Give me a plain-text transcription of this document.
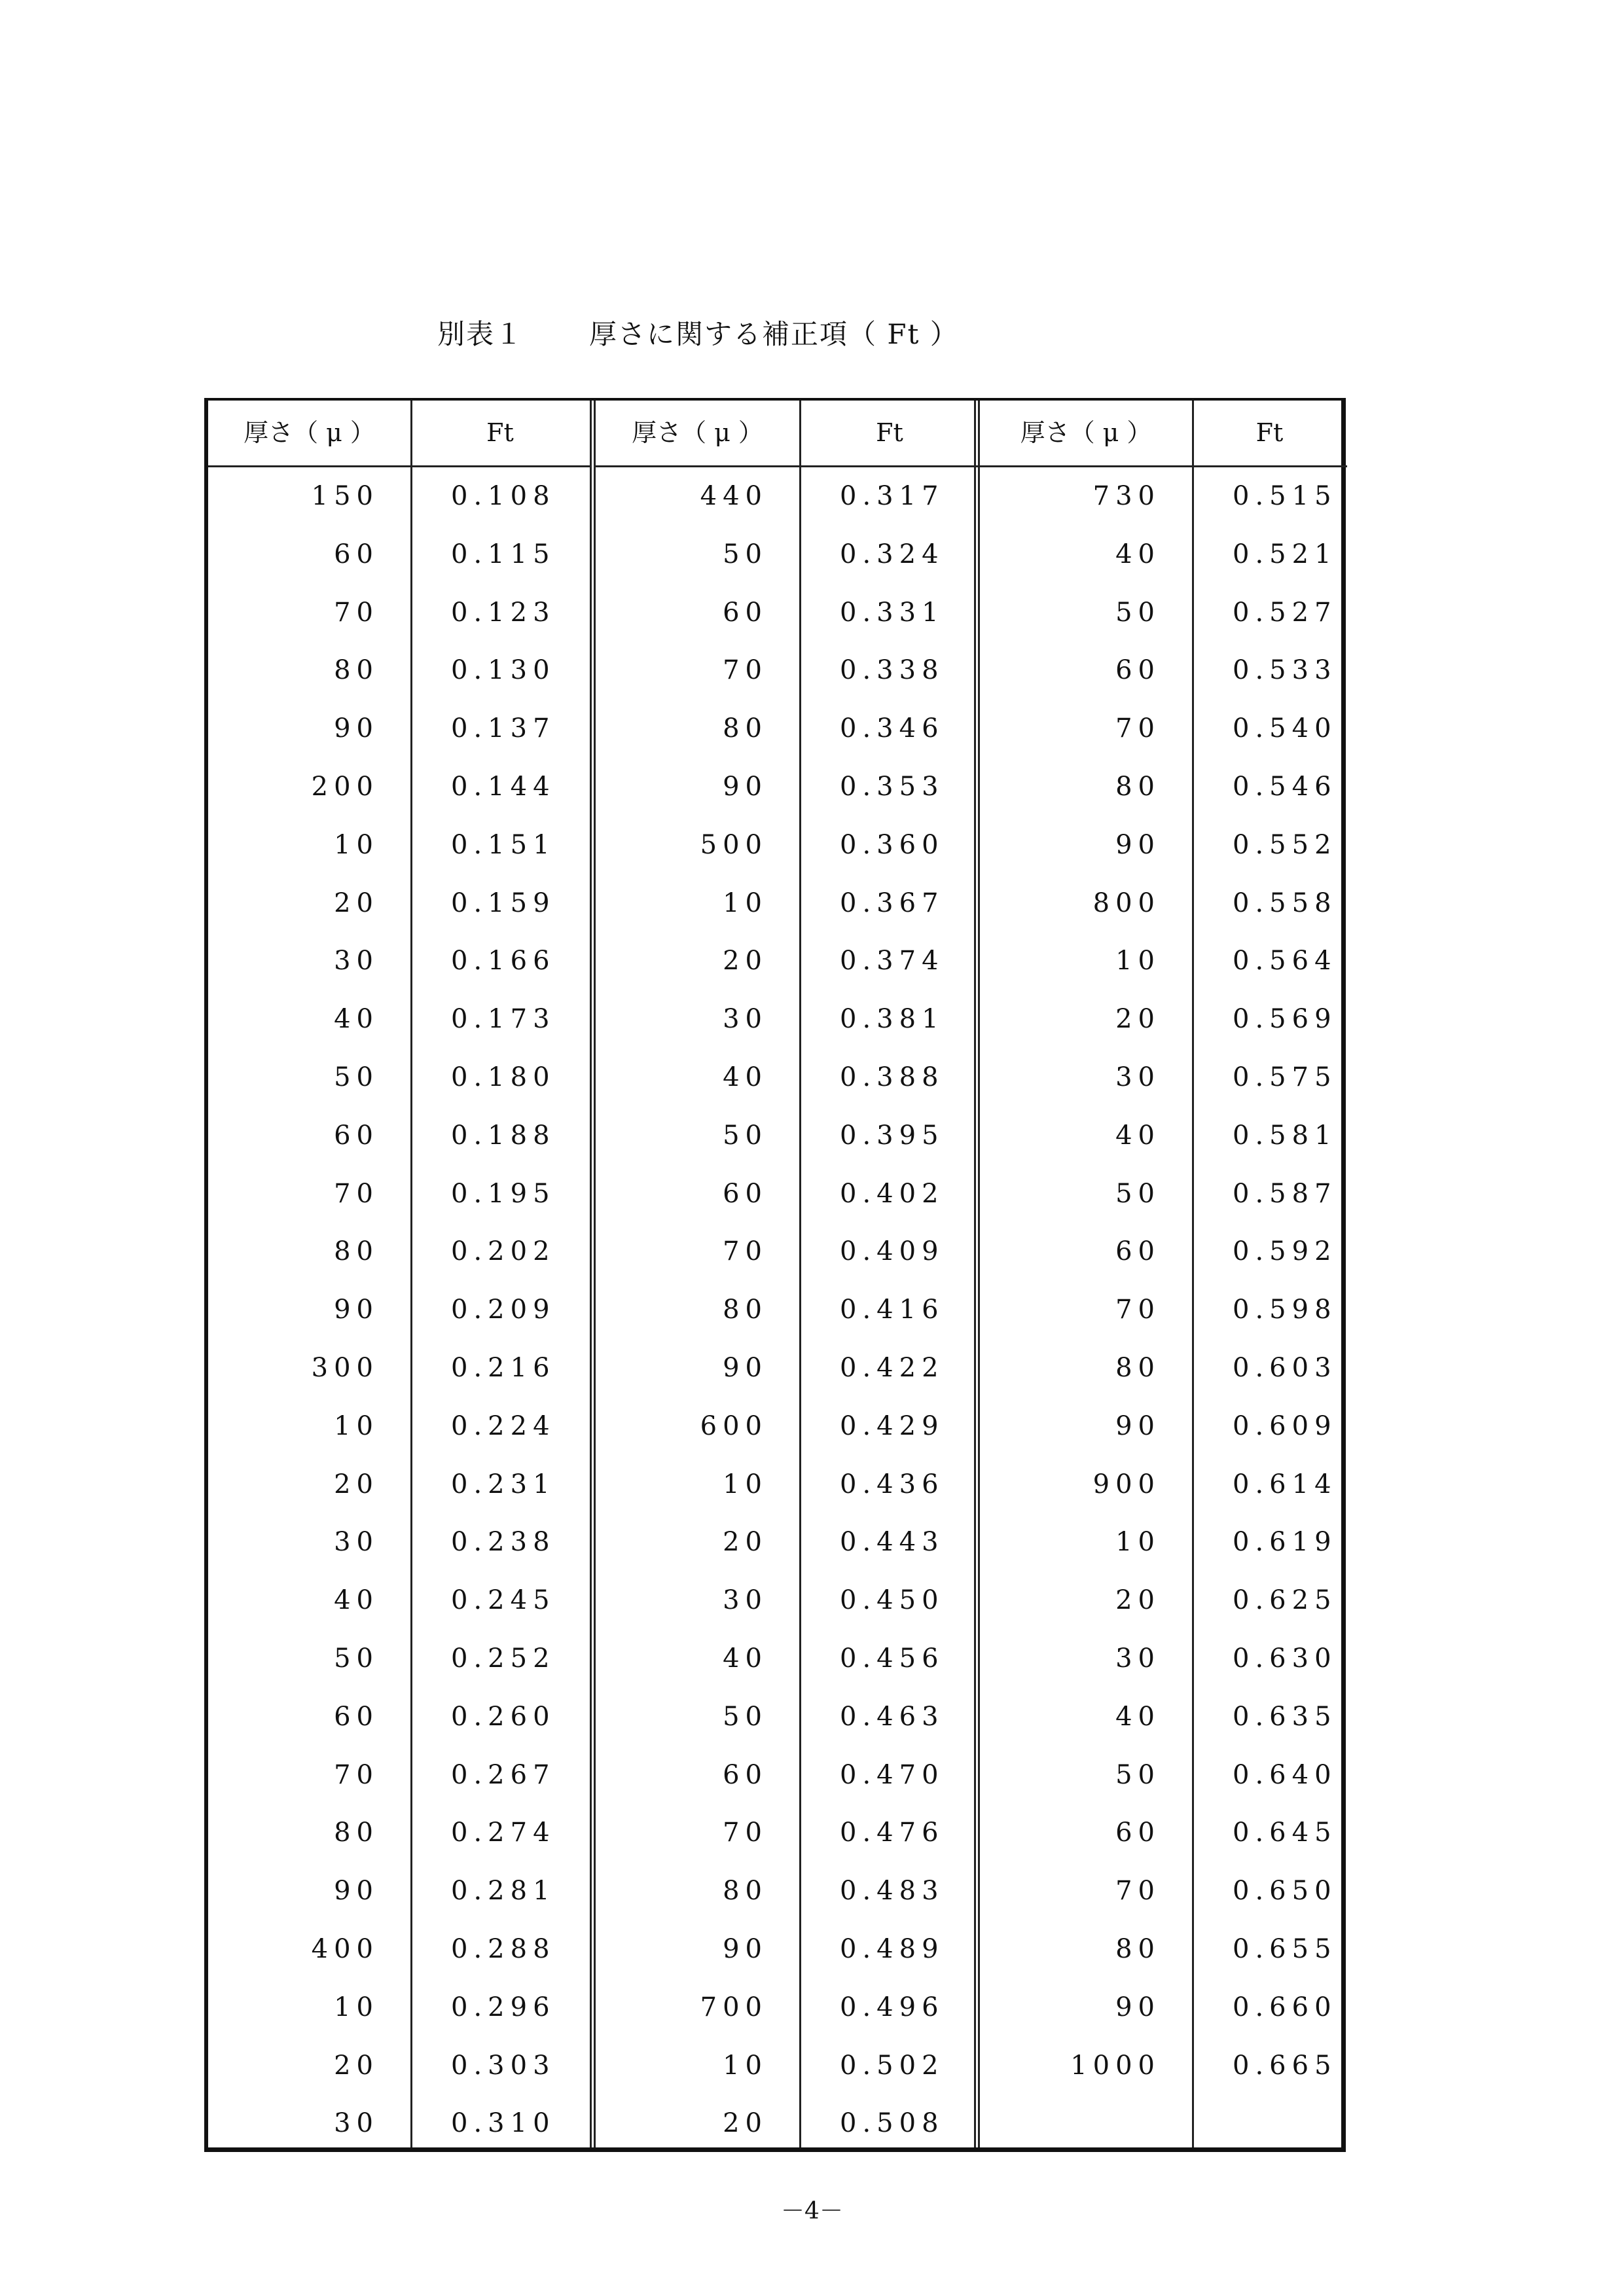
別表１ 厚さに関する補正項（ Ft ）
厚さ（ μ ）	Ft
150	0.108
60	0.115
70	0.123
80	0.130
90	0.137
200	0.144
10	0.151
20	0.159
30	0.166
40	0.173
50	0.180
60	0.188
70	0.195
80	0.202
90	0.209
300	0.216
10	0.224
20	0.231
30	0.238
40	0.245
50	0.252
60	0.260
70	0.267
80	0.274
90	0.281
400	0.288
10	0.296
20	0.303
30	0.310
厚さ（ μ ）	Ft
440	0.317
50	0.324
60	0.331
70	0.338
80	0.346
90	0.353
500	0.360
10	0.367
20	0.374
30	0.381
40	0.388
50	0.395
60	0.402
70	0.409
80	0.416
90	0.422
600	0.429
10	0.436
20	0.443
30	0.450
40	0.456
50	0.463
60	0.470
70	0.476
80	0.483
90	0.489
700	0.496
10	0.502
20	0.508
厚さ（ μ ）	Ft
730	0.515
40	0.521
50	0.527
60	0.533
70	0.540
80	0.546
90	0.552
800	0.558
10	0.564
20	0.569
30	0.575
40	0.581
50	0.587
60	0.592
70	0.598
80	0.603
90	0.609
900	0.614
10	0.619
20	0.625
30	0.630
40	0.635
50	0.640
60	0.645
70	0.650
80	0.655
90	0.660
1000	0.665
－4－
